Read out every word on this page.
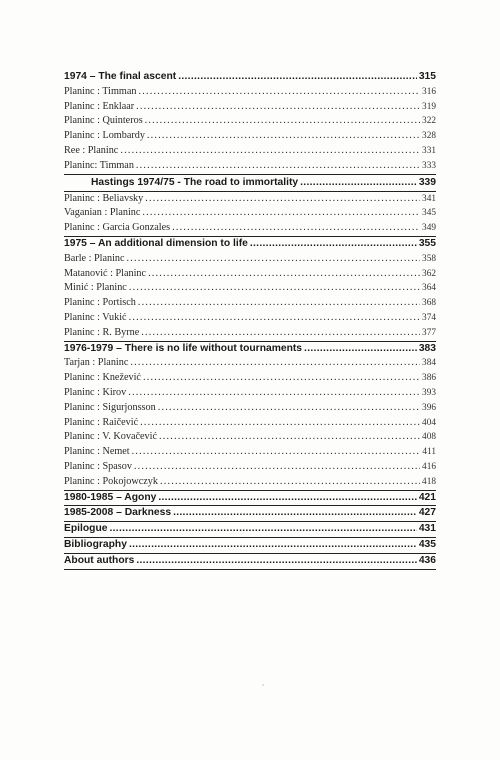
1974 – The final ascent .....	315
Planinc : Timman .....	316
Planinc : Enklaar .....	319
Planinc : Quinteros .....	322
Planinc : Lombardy .....	328
Ree : Planinc .....	331
Planinc: Timman .....	333
Hastings 1974/75 - The road to immortality .....	339
Planinc : Beliavsky .....	341
Vaganian : Planinc .....	345
Planinc : Garcia Gonzales .....	349
1975 – An additional dimension to life .....	355
Barle : Planinc .....	358
Matanović : Planinc .....	362
Minić : Planinc .....	364
Planinc : Portisch .....	368
Planinc : Vukić .....	374
Planinc : R. Byrne .....	377
1976-1979 – There is no life without tournaments .....	383
Tarjan : Planinc .....	384
Planinc : Knežević .....	386
Planinc : Kirov .....	393
Planinc : Sigurjonsson .....	396
Planinc : Raičević .....	404
Planinc : V. Kovačević .....	408
Planinc : Nemet .....	411
Planinc : Spasov .....	416
Planinc : Pokojowczyk .....	418
1980-1985 – Agony .....	421
1985-2008 – Darkness .....	427
Epilogue .....	431
Bibliography .....	435
About authors .....	436
